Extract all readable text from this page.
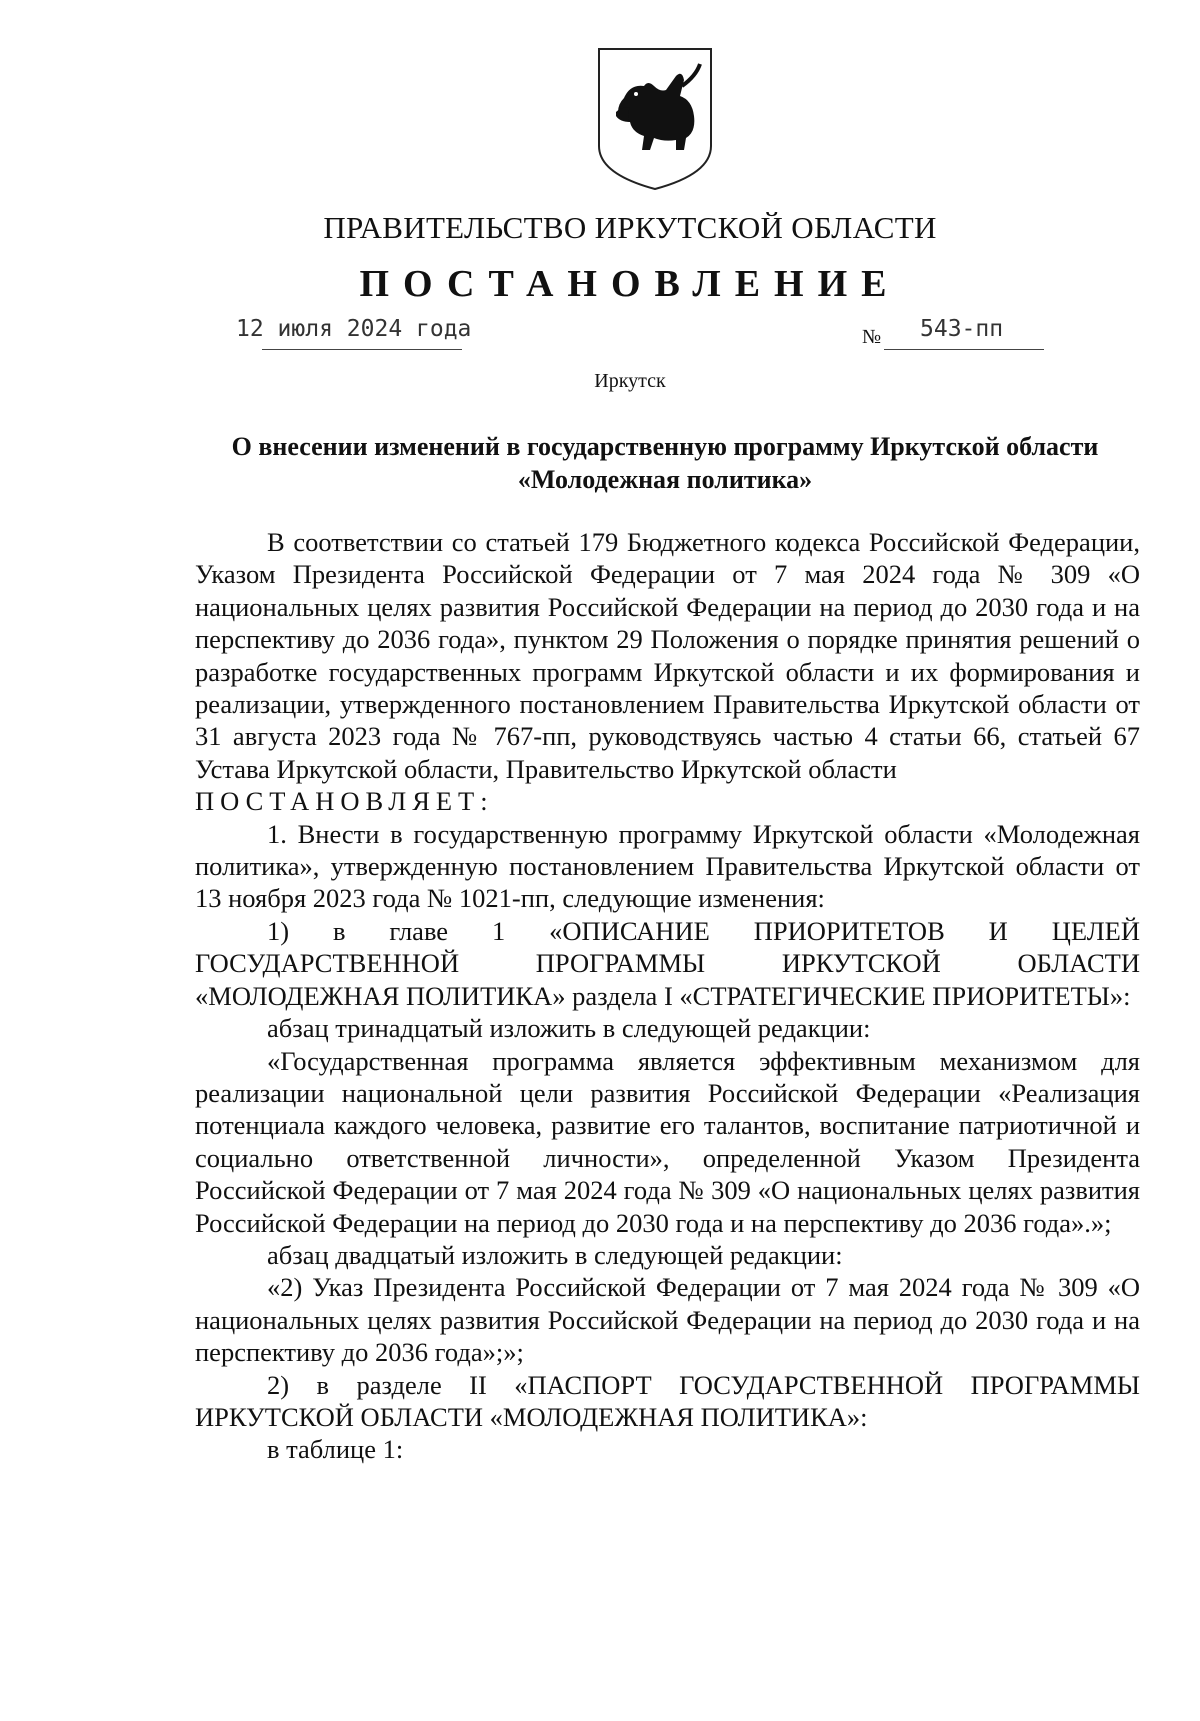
ПРАВИТЕЛЬСТВО ИРКУТСКОЙ ОБЛАСТИ
ПОСТАНОВЛЕНИЕ
12 июля 2024 года	№ 543-пп
Иркутск
О внесении изменений в государственную программу Иркутской области
«Молодежная политика»

В соответствии со статьей 179 Бюджетного кодекса Российской Федерации, Указом Президента Российской Федерации от 7 мая 2024 года № 309 «О национальных целях развития Российской Федерации на период до 2030 года и на перспективу до 2036 года», пунктом 29 Положения о порядке принятия решений о разработке государственных программ Иркутской области и их формирования и реализации, утвержденного постановлением Правительства Иркутской области от 31 августа 2023 года № 767-пп, руководствуясь частью 4 статьи 66, статьей 67 Устава Иркутской области, Правительство Иркутской области

ПОСТАНОВЛЯЕТ:

1. Внести в государственную программу Иркутской области «Молодежная политика», утвержденную постановлением Правительства Иркутской области от 13 ноября 2023 года № 1021-пп, следующие изменения:

1) в главе 1 «ОПИСАНИЕ ПРИОРИТЕТОВ И ЦЕЛЕЙ ГОСУДАРСТВЕННОЙ ПРОГРАММЫ ИРКУТСКОЙ ОБЛАСТИ «МОЛОДЕЖНАЯ ПОЛИТИКА» раздела I «СТРАТЕГИЧЕСКИЕ ПРИОРИТЕТЫ»:

абзац тринадцатый изложить в следующей редакции:

«Государственная программа является эффективным механизмом для реализации национальной цели развития Российской Федерации «Реализация потенциала каждого человека, развитие его талантов, воспитание патриотичной и социально ответственной личности», определенной Указом Президента Российской Федерации от 7 мая 2024 года № 309 «О национальных целях развития Российской Федерации на период до 2030 года и на перспективу до 2036 года».»;

абзац двадцатый изложить в следующей редакции:

«2) Указ Президента Российской Федерации от 7 мая 2024 года № 309 «О национальных целях развития Российской Федерации на период до 2030 года и на перспективу до 2036 года»;»;

2) в разделе II «ПАСПОРТ ГОСУДАРСТВЕННОЙ ПРОГРАММЫ ИРКУТСКОЙ ОБЛАСТИ «МОЛОДЕЖНАЯ ПОЛИТИКА»:

в таблице 1:
